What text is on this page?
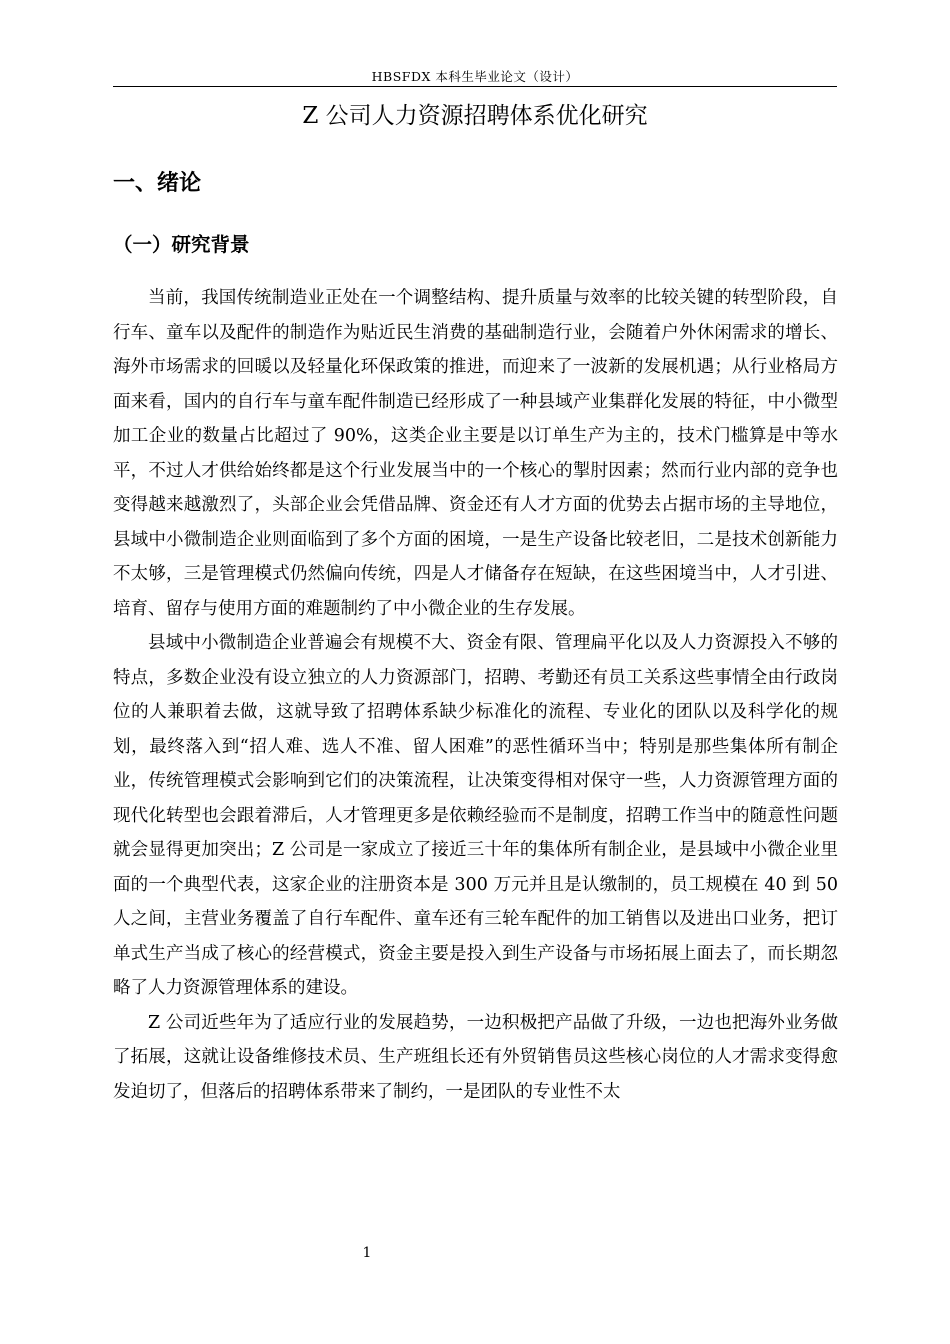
HBSFDX 本科生毕业论文（设计）
Z 公司人力资源招聘体系优化研究
一、绪论
（一）研究背景

当前，我国传统制造业正处在一个调整结构、提升质量与效率的比较关键的转型阶段，自行车、童车以及配件的制造作为贴近民生消费的基础制造行业，会随着户外休闲需求的增长、海外市场需求的回暖以及轻量化环保政策的推进，而迎来了一波新的发展机遇；从行业格局方面来看，国内的自行车与童车配件制造已经形成了一种县域产业集群化发展的特征，中小微型加工企业的数量占比超过了 90%，这类企业主要是以订单生产为主的，技术门槛算是中等水平，不过人才供给始终都是这个行业发展当中的一个核心的掣肘因素；然而行业内部的竞争也变得越来越激烈了，头部企业会凭借品牌、资金还有人才方面的优势去占据市场的主导地位，县域中小微制造企业则面临到了多个方面的困境，一是生产设备比较老旧，二是技术创新能力不太够，三是管理模式仍然偏向传统，四是人才储备存在短缺，在这些困境当中，人才引进、培育、留存与使用方面的难题制约了中小微企业的生存发展。

县域中小微制造企业普遍会有规模不大、资金有限、管理扁平化以及人力资源投入不够的特点，多数企业没有设立独立的人力资源部门，招聘、考勤还有员工关系这些事情全由行政岗位的人兼职着去做，这就导致了招聘体系缺少标准化的流程、专业化的团队以及科学化的规划，最终落入到“招人难、选人不准、留人困难”的恶性循环当中；特别是那些集体所有制企业，传统管理模式会影响到它们的决策流程，让决策变得相对保守一些，人力资源管理方面的现代化转型也会跟着滞后，人才管理更多是依赖经验而不是制度，招聘工作当中的随意性问题就会显得更加突出；Z 公司是一家成立了接近三十年的集体所有制企业，是县域中小微企业里面的一个典型代表，这家企业的注册资本是 300 万元并且是认缴制的，员工规模在 40 到 50 人之间，主营业务覆盖了自行车配件、童车还有三轮车配件的加工销售以及进出口业务，把订单式生产当成了核心的经营模式，资金主要是投入到生产设备与市场拓展上面去了，而长期忽略了人力资源管理体系的建设。

Z 公司近些年为了适应行业的发展趋势，一边积极把产品做了升级，一边也把海外业务做了拓展，这就让设备维修技术员、生产班组长还有外贸销售员这些核心岗位的人才需求变得愈发迫切了，但落后的招聘体系带来了制约，一是团队的专业性不太

1
